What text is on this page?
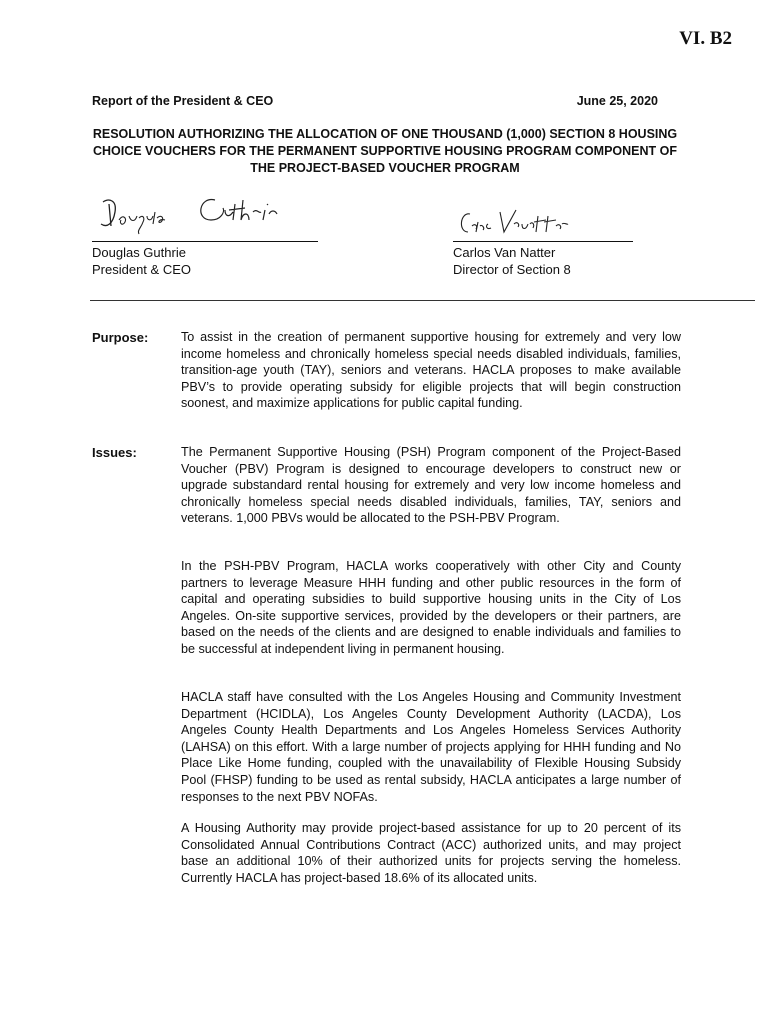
VI. B2
Report of the President & CEO	June 25, 2020
RESOLUTION AUTHORIZING THE ALLOCATION OF ONE THOUSAND (1,000) SECTION 8 HOUSING CHOICE VOUCHERS FOR THE PERMANENT SUPPORTIVE HOUSING PROGRAM COMPONENT OF THE PROJECT-BASED VOUCHER PROGRAM
Douglas Guthrie
President & CEO
Carlos Van Natter
Director of Section 8
Purpose:	To assist in the creation of permanent supportive housing for extremely and very low income homeless and chronically homeless special needs disabled individuals, families, transition-age youth (TAY), seniors and veterans. HACLA proposes to make available PBV’s to provide operating subsidy for eligible projects that will begin construction soonest, and maximize applications for public capital funding.

Issues:	The Permanent Supportive Housing (PSH) Program component of the Project-Based Voucher (PBV) Program is designed to encourage developers to construct new or upgrade substandard rental housing for extremely and very low income homeless and chronically homeless special needs disabled individuals, families, TAY, seniors and veterans. 1,000 PBVs would be allocated to the PSH-PBV Program.

In the PSH-PBV Program, HACLA works cooperatively with other City and County partners to leverage Measure HHH funding and other public resources in the form of capital and operating subsidies to build supportive housing units in the City of Los Angeles. On-site supportive services, provided by the developers or their partners, are based on the needs of the clients and are designed to enable individuals and families to be successful at independent living in permanent housing.

HACLA staff have consulted with the Los Angeles Housing and Community Investment Department (HCIDLA), Los Angeles County Development Authority (LACDA), Los Angeles County Health Departments and Los Angeles Homeless Services Authority (LAHSA) on this effort. With a large number of projects applying for HHH funding and No Place Like Home funding, coupled with the unavailability of Flexible Housing Subsidy Pool (FHSP) funding to be used as rental subsidy, HACLA anticipates a large number of responses to the next PBV NOFAs.

A Housing Authority may provide project-based assistance for up to 20 percent of its Consolidated Annual Contributions Contract (ACC) authorized units, and may project base an additional 10% of their authorized units for projects serving the homeless. Currently HACLA has project-based 18.6% of its allocated units.
